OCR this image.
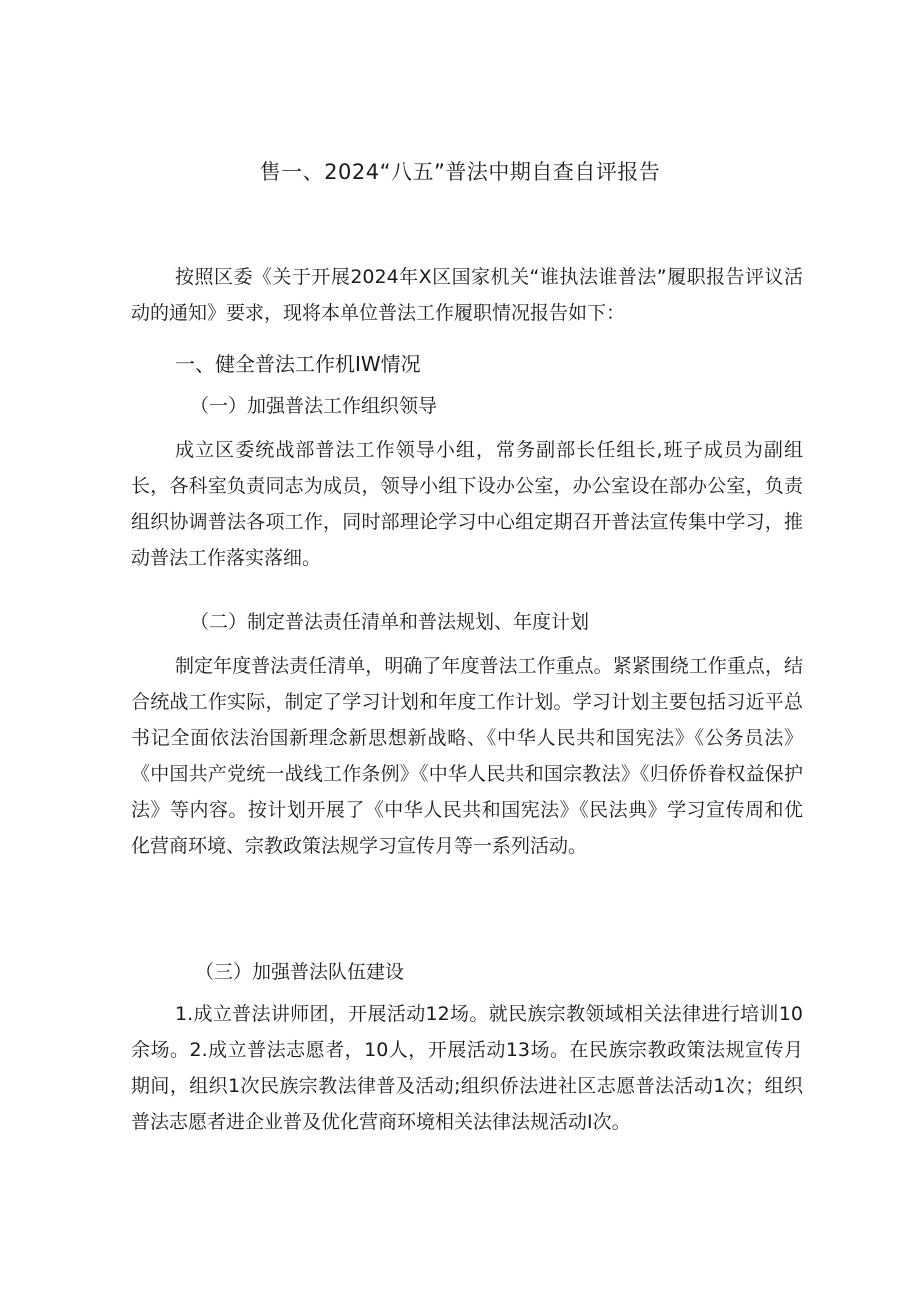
售一、2024“八五”普法中期自查自评报告

按照区委《关于开展2024年X区国家机关“谁执法谁普法”履职报告评议活动的通知》要求，现将本单位普法工作履职情况报告如下：

一、健全普法工作机IW情况
（一）加强普法工作组织领导

成立区委统战部普法工作领导小组，常务副部长任组长,班子成员为副组长，各科室负责同志为成员，领导小组下设办公室，办公室设在部办公室，负责组织协调普法各项工作，同时部理论学习中心组定期召开普法宣传集中学习，推动普法工作落实落细。

（二）制定普法责任清单和普法规划、年度计划

制定年度普法责任清单，明确了年度普法工作重点。紧紧围绕工作重点，结合统战工作实际，制定了学习计划和年度工作计划。学习计划主要包括习近平总书记全面依法治国新理念新思想新战略、《中华人民共和国宪法》《公务员法》《中国共产党统一战线工作条例》《中华人民共和国宗教法》《归侨侨眷权益保护法》等内容。按计划开展了《中华人民共和国宪法》《民法典》学习宣传周和优化营商环境、宗教政策法规学习宣传月等一系列活动。

（三）加强普法队伍建设

1.成立普法讲师团，开展活动12场。就民族宗教领域相关法律进行培训10余场。2.成立普法志愿者，10人，开展活动13场。在民族宗教政策法规宣传月期间，组织1次民族宗教法律普及活动;组织侨法进社区志愿普法活动1次；组织普法志愿者进企业普及优化营商环境相关法律法规活动I次。
